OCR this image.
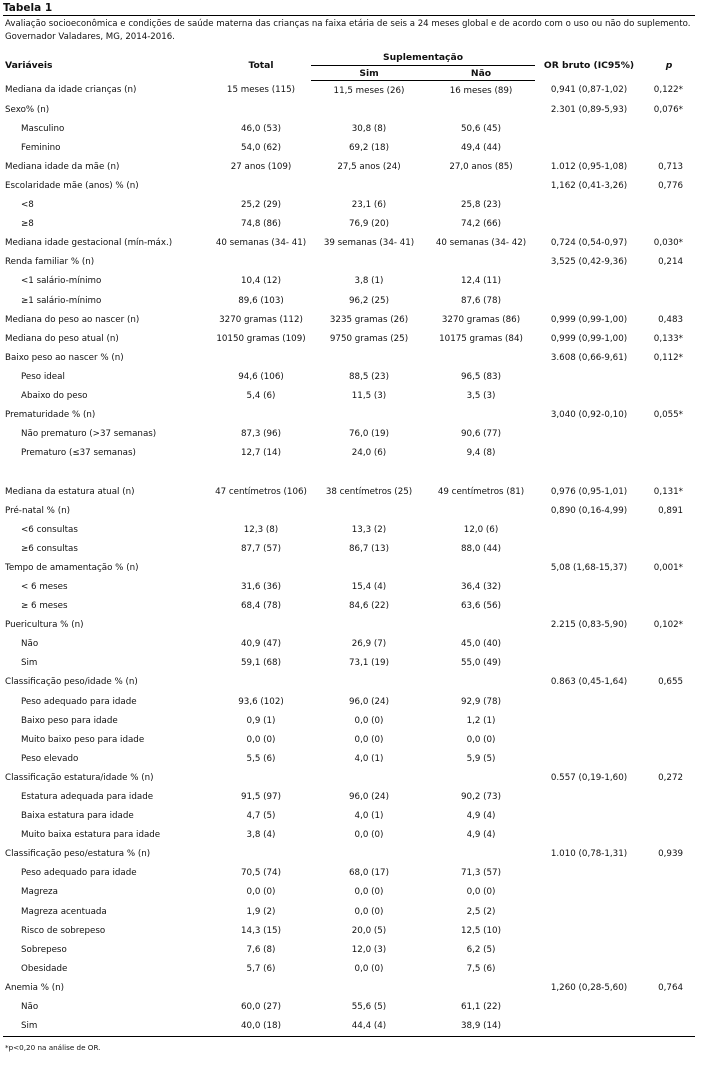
Tabela 1
Avaliação socioeconômica e condições de saúde materna das crianças na faixa etária de seis a 24 meses global e de acordo com o uso ou não do suplemento. Governador Valadares, MG, 2014-2016.
Variáveis	Total	Suplementação		OR bruto (IC95%)	p
		Sim	Não		
Mediana da idade crianças (n)	15 meses (115)	11,5 meses (26)	16 meses (89)	0,941 (0,87-1,02)	0,122*
Sexo% (n)				2.301 (0,89-5,93)	0,076*
Masculino	46,0 (53)	30,8 (8)	50,6 (45)		
Feminino	54,0 (62)	69,2 (18)	49,4 (44)		
Mediana idade da mãe (n)	27 anos (109)	27,5 anos (24)	27,0 anos (85)	1.012 (0,95-1,08)	0,713
Escolaridade mãe (anos) % (n)				1,162 (0,41-3,26)	0,776
<8	25,2 (29)	23,1 (6)	25,8 (23)		
≥8	74,8 (86)	76,9 (20)	74,2 (66)		
Mediana idade gestacional (mín-máx.)	40 semanas (34- 41)	39 semanas (34- 41)	40 semanas (34- 42)	0,724 (0,54-0,97)	0,030*
Renda familiar % (n)				3,525 (0,42-9,36)	0,214
<1 salário-mínimo	10,4 (12)	3,8 (1)	12,4 (11)		
≥1 salário-mínimo	89,6 (103)	96,2 (25)	87,6 (78)		
Mediana do peso ao nascer (n)	3270 gramas (112)	3235 gramas (26)	3270 gramas (86)	0,999 (0,99-1,00)	0,483
Mediana do peso atual (n)	10150 gramas (109)	9750 gramas (25)	10175 gramas (84)	0,999 (0,99-1,00)	0,133*
Baixo peso ao nascer % (n)				3.608 (0,66-9,61)	0,112*
Peso ideal	94,6 (106)	88,5 (23)	96,5 (83)		
Abaixo do peso	5,4 (6)	11,5 (3)	3,5 (3)		
Prematuridade % (n)				3,040 (0,92-0,10)	0,055*
Não prematuro (>37 semanas)	87,3 (96)	76,0 (19)	90,6 (77)		
Prematuro (≤37 semanas)	12,7 (14)	24,0 (6)	9,4 (8)		

Mediana da estatura atual (n)	47 centímetros (106)	38 centímetros (25)	49 centímetros (81)	0,976 (0,95-1,01)	0,131*
Pré-natal % (n)				0,890 (0,16-4,99)	0,891
<6 consultas	12,3 (8)	13,3 (2)	12,0 (6)		
≥6 consultas	87,7 (57)	86,7 (13)	88,0 (44)		
Tempo de amamentação % (n)				5,08 (1,68-15,37)	0,001*
< 6 meses	31,6 (36)	15,4 (4)	36,4 (32)		
≥ 6 meses	68,4 (78)	84,6 (22)	63,6 (56)		
Puericultura % (n)				2.215 (0,83-5,90)	0,102*
Não	40,9 (47)	26,9 (7)	45,0 (40)		
Sim	59,1 (68)	73,1 (19)	55,0 (49)		
Classificação peso/idade % (n)				0.863 (0,45-1,64)	0,655
Peso adequado para idade	93,6 (102)	96,0 (24)	92,9 (78)		
Baixo peso para idade	0,9 (1)	0,0 (0)	1,2 (1)		
Muito baixo peso para idade	0,0 (0)	0,0 (0)	0,0 (0)		
Peso elevado	5,5 (6)	4,0 (1)	5,9 (5)		
Classificação estatura/idade % (n)				0.557 (0,19-1,60)	0,272
Estatura adequada para idade	91,5 (97)	96,0 (24)	90,2 (73)		
Baixa estatura para idade	4,7 (5)	4,0 (1)	4,9 (4)		
Muito baixa estatura para idade	3,8 (4)	0,0 (0)	4,9 (4)		
Classificação peso/estatura % (n)				1.010 (0,78-1,31)	0,939
Peso adequado para idade	70,5 (74)	68,0 (17)	71,3 (57)		
Magreza	0,0 (0)	0,0 (0)	0,0 (0)		
Magreza acentuada	1,9 (2)	0,0 (0)	2,5 (2)		
Risco de sobrepeso	14,3 (15)	20,0 (5)	12,5 (10)		
Sobrepeso	7,6 (8)	12,0 (3)	6,2 (5)		
Obesidade	5,7 (6)	0,0 (0)	7,5 (6)		
Anemia % (n)				1,260 (0,28-5,60)	0,764
Não	60,0 (27)	55,6 (5)	61,1 (22)		
Sim	40,0 (18)	44,4 (4)	38,9 (14)		
*p<0,20 na análise de OR.
